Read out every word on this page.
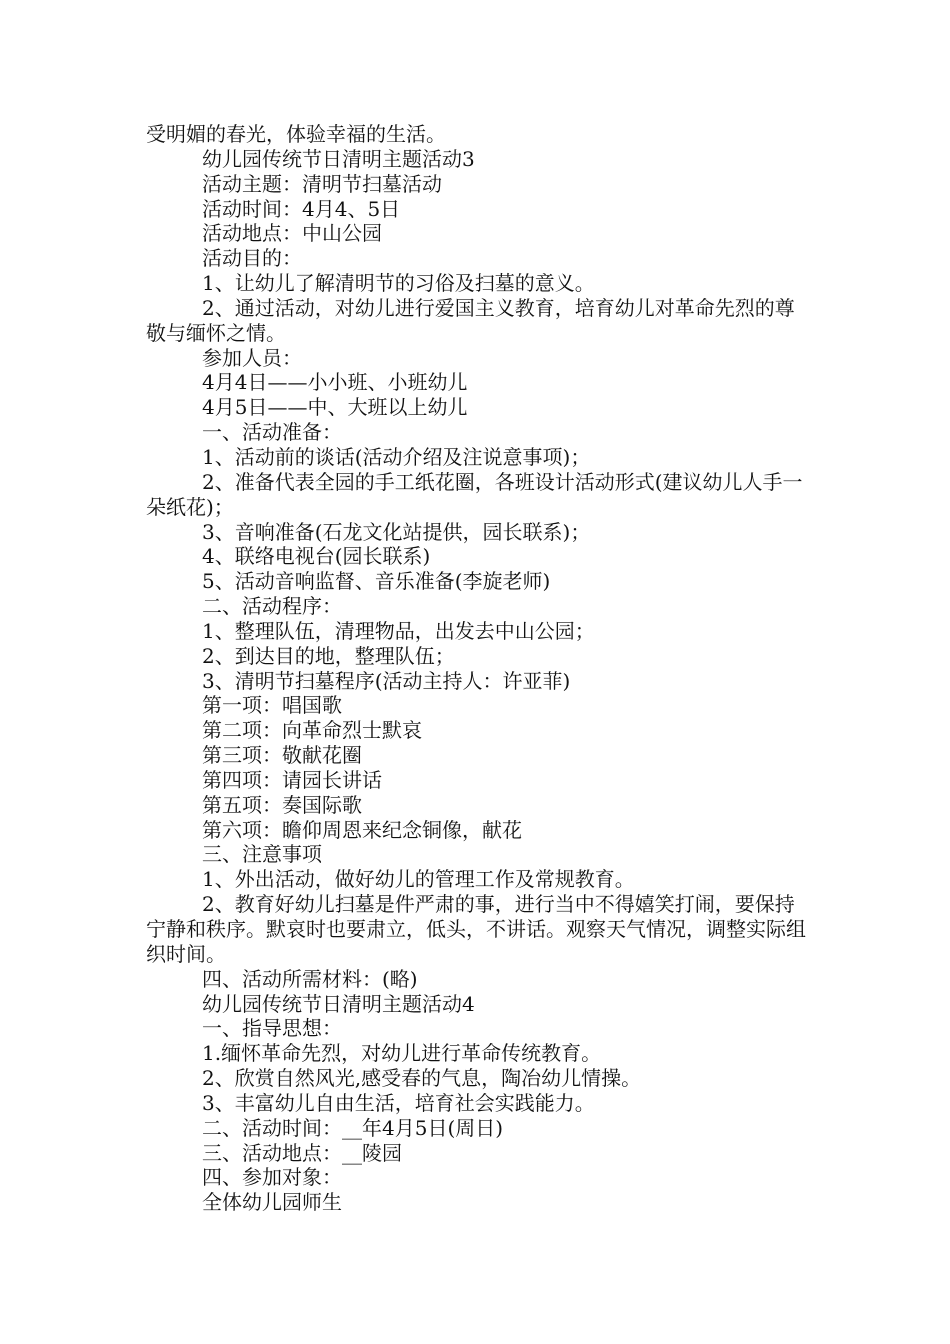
受明媚的春光，体验幸福的生活。

幼儿园传统节日清明主题活动3

活动主题：清明节扫墓活动

活动时间：4月4、5日

活动地点：中山公园

活动目的：

1、让幼儿了解清明节的习俗及扫墓的意义。

2、通过活动，对幼儿进行爱国主义教育，培育幼儿对革命先烈的尊敬与缅怀之情。

参加人员：

4月4日——小小班、小班幼儿

4月5日——中、大班以上幼儿

一、活动准备：

1、活动前的谈话(活动介绍及注说意事项)；

2、准备代表全园的手工纸花圈，各班设计活动形式(建议幼儿人手一朵纸花)；

3、音响准备(石龙文化站提供，园长联系)；

4、联络电视台(园长联系)

5、活动音响监督、音乐准备(李旋老师)

二、活动程序：

1、整理队伍，清理物品，出发去中山公园；

2、到达目的地，整理队伍；

3、清明节扫墓程序(活动主持人：许亚菲)

第一项：唱国歌

第二项：向革命烈士默哀

第三项：敬献花圈

第四项：请园长讲话

第五项：奏国际歌

第六项：瞻仰周恩来纪念铜像，献花

三、注意事项

1、外出活动，做好幼儿的管理工作及常规教育。

2、教育好幼儿扫墓是件严肃的事，进行当中不得嬉笑打闹，要保持宁静和秩序。默哀时也要肃立，低头，不讲话。观察天气情况，调整实际组织时间。

四、活动所需材料：(略)

幼儿园传统节日清明主题活动4

一、指导思想：

1.缅怀革命先烈，对幼儿进行革命传统教育。

2、欣赏自然风光,感受春的气息，陶冶幼儿情操。

3、丰富幼儿自由生活，培育社会实践能力。

二、活动时间：__年4月5日(周日)

三、活动地点：__陵园

四、参加对象：

全体幼儿园师生
